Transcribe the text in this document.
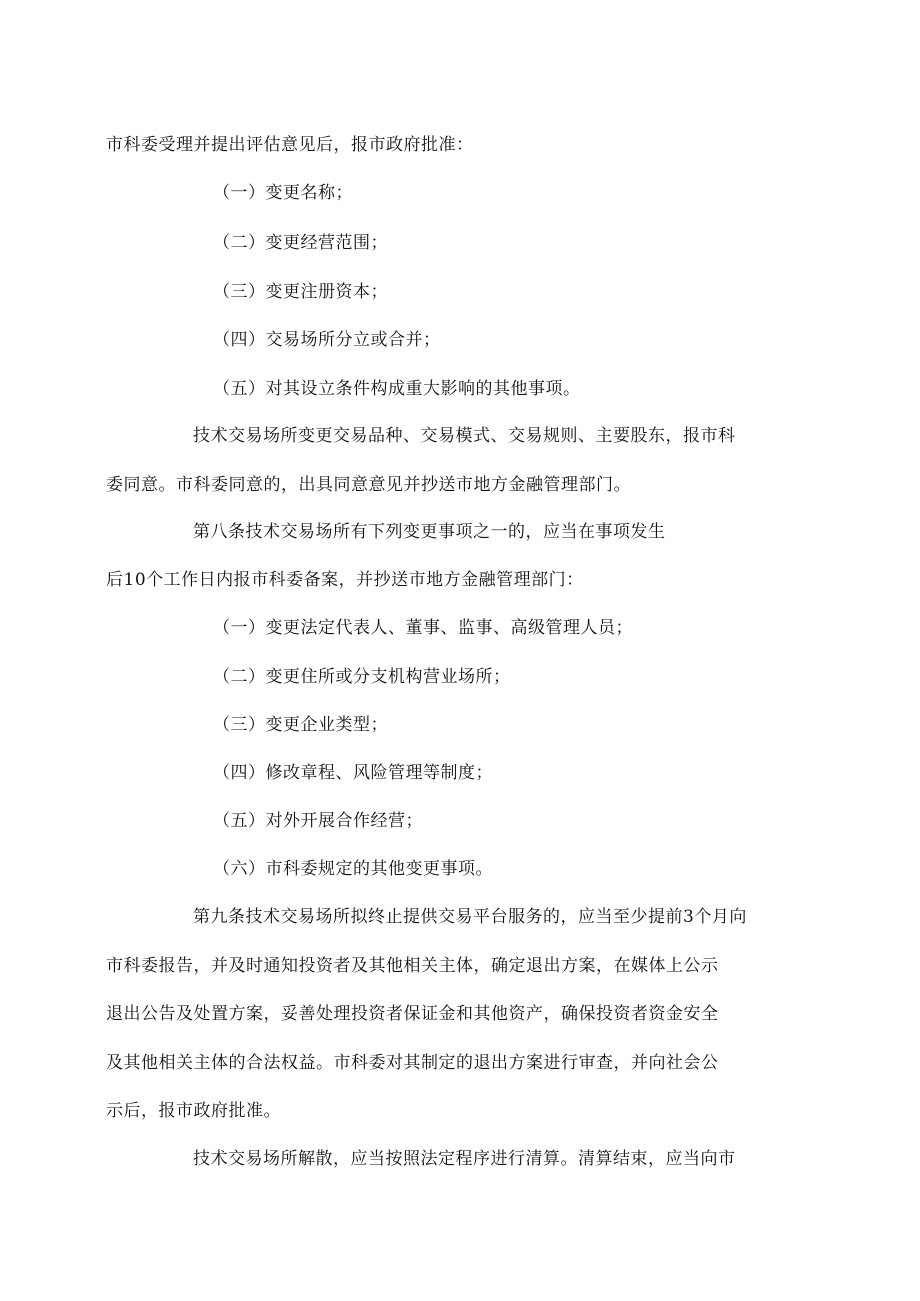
市科委受理并提出评估意见后，报市政府批准：
（一）变更名称；
（二）变更经营范围；
（三）变更注册资本；
（四）交易场所分立或合并；
（五）对其设立条件构成重大影响的其他事项。
技术交易场所变更交易品种、交易模式、交易规则、主要股东，报市科
委同意。市科委同意的，出具同意意见并抄送市地方金融管理部门。
第八条技术交易场所有下列变更事项之一的，应当在事项发生
后10个工作日内报市科委备案，并抄送市地方金融管理部门：
（一）变更法定代表人、董事、监事、高级管理人员；
（二）变更住所或分支机构营业场所；
（三）变更企业类型；
（四）修改章程、风险管理等制度；
（五）对外开展合作经营；
（六）市科委规定的其他变更事项。
第九条技术交易场所拟终止提供交易平台服务的，应当至少提前3个月向
市科委报告，并及时通知投资者及其他相关主体，确定退出方案，在媒体上公示
退出公告及处置方案，妥善处理投资者保证金和其他资产，确保投资者资金安全
及其他相关主体的合法权益。市科委对其制定的退出方案进行审查，并向社会公
示后，报市政府批准。
技术交易场所解散，应当按照法定程序进行清算。清算结束，应当向市
